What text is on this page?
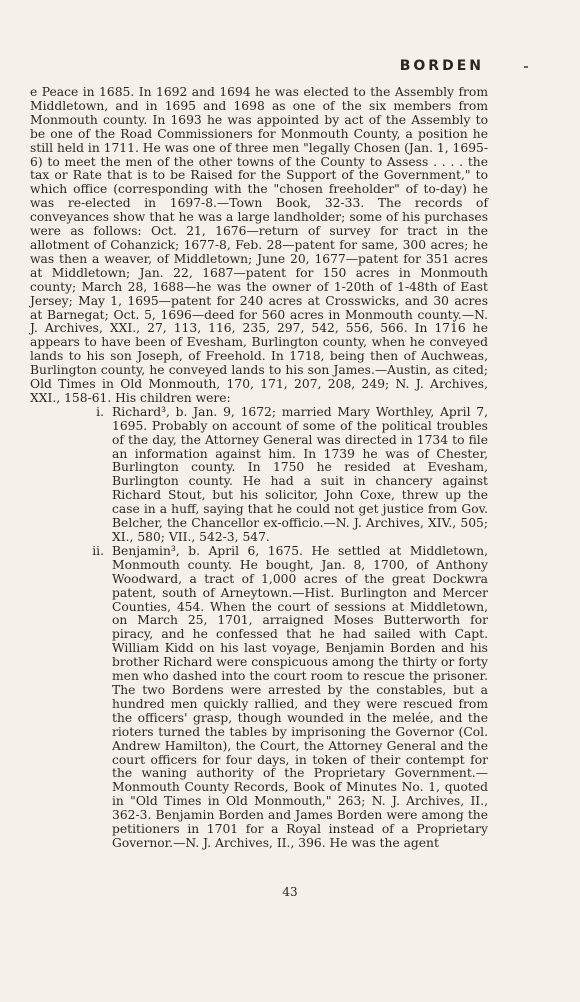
BORDEN

e Peace in 1685. In 1692 and 1694 he was elected to the Assembly from Middletown, and in 1695 and 1698 as one of the six members from Monmouth county. In 1693 he was appointed by act of the Assembly to be one of the Road Commissioners for Monmouth County, a position he still held in 1711. He was one of three men "legally Chosen (Jan. 1, 1695-6) to meet the men of the other towns of the County to Assess . . . . the tax or Rate that is to be Raised for the Support of the Government," to which office (corresponding with the "chosen freeholder" of to-day) he was re-elected in 1697-8.—Town Book, 32-33. The records of conveyances show that he was a large landholder; some of his purchases were as follows: Oct. 21, 1676—return of survey for tract in the allotment of Cohanzick; 1677-8, Feb. 28—patent for same, 300 acres; he was then a weaver, of Middletown; June 20, 1677—patent for 351 acres at Middletown; Jan. 22, 1687—patent for 150 acres in Monmouth county; March 28, 1688—he was the owner of 1-20th of 1-48th of East Jersey; May 1, 1695—patent for 240 acres at Crosswicks, and 30 acres at Barnegat; Oct. 5, 1696—deed for 560 acres in Monmouth county.—N. J. Archives, XXI., 27, 113, 116, 235, 297, 542, 556, 566. In 1716 he appears to have been of Evesham, Burlington county, when he conveyed lands to his son Joseph, of Freehold. In 1718, being then of Auchweas, Burlington county, he conveyed lands to his son James.—Austin, as cited; Old Times in Old Monmouth, 170, 171, 207, 208, 249; N. J. Archives, XXI., 158-61. His children were:

i. Richard³, b. Jan. 9, 1672; married Mary Worthley, April 7, 1695. Probably on account of some of the political troubles of the day, the Attorney General was directed in 1734 to file an information against him. In 1739 he was of Chester, Burlington county. In 1750 he resided at Evesham, Burlington county. He had a suit in chancery against Richard Stout, but his solicitor, John Coxe, threw up the case in a huff, saying that he could not get justice from Gov. Belcher, the Chancellor ex-officio.—N. J. Archives, XIV., 505; XI., 580; VII., 542-3, 547.
ii. Benjamin³, b. April 6, 1675. He settled at Middletown, Monmouth county. He bought, Jan. 8, 1700, of Anthony Woodward, a tract of 1,000 acres of the great Dockwra patent, south of Arneytown.—Hist. Burlington and Mercer Counties, 454. When the court of sessions at Middletown, on March 25, 1701, arraigned Moses Butterworth for piracy, and he confessed that he had sailed with Capt. William Kidd on his last voyage, Benjamin Borden and his brother Richard were conspicuous among the thirty or forty men who dashed into the court room to rescue the prisoner. The two Bordens were arrested by the constables, but a hundred men quickly rallied, and they were rescued from the officers' grasp, though wounded in the melée, and the rioters turned the tables by imprisoning the Governor (Col. Andrew Hamilton), the Court, the Attorney General and the court officers for four days, in token of their contempt for the waning authority of the Proprietary Government.—Monmouth County Records, Book of Minutes No. 1, quoted in "Old Times in Old Monmouth," 263; N. J. Archives, II., 362-3. Benjamin Borden and James Borden were among the petitioners in 1701 for a Royal instead of a Proprietary Governor.—N. J. Archives, II., 396. He was the agent
43
